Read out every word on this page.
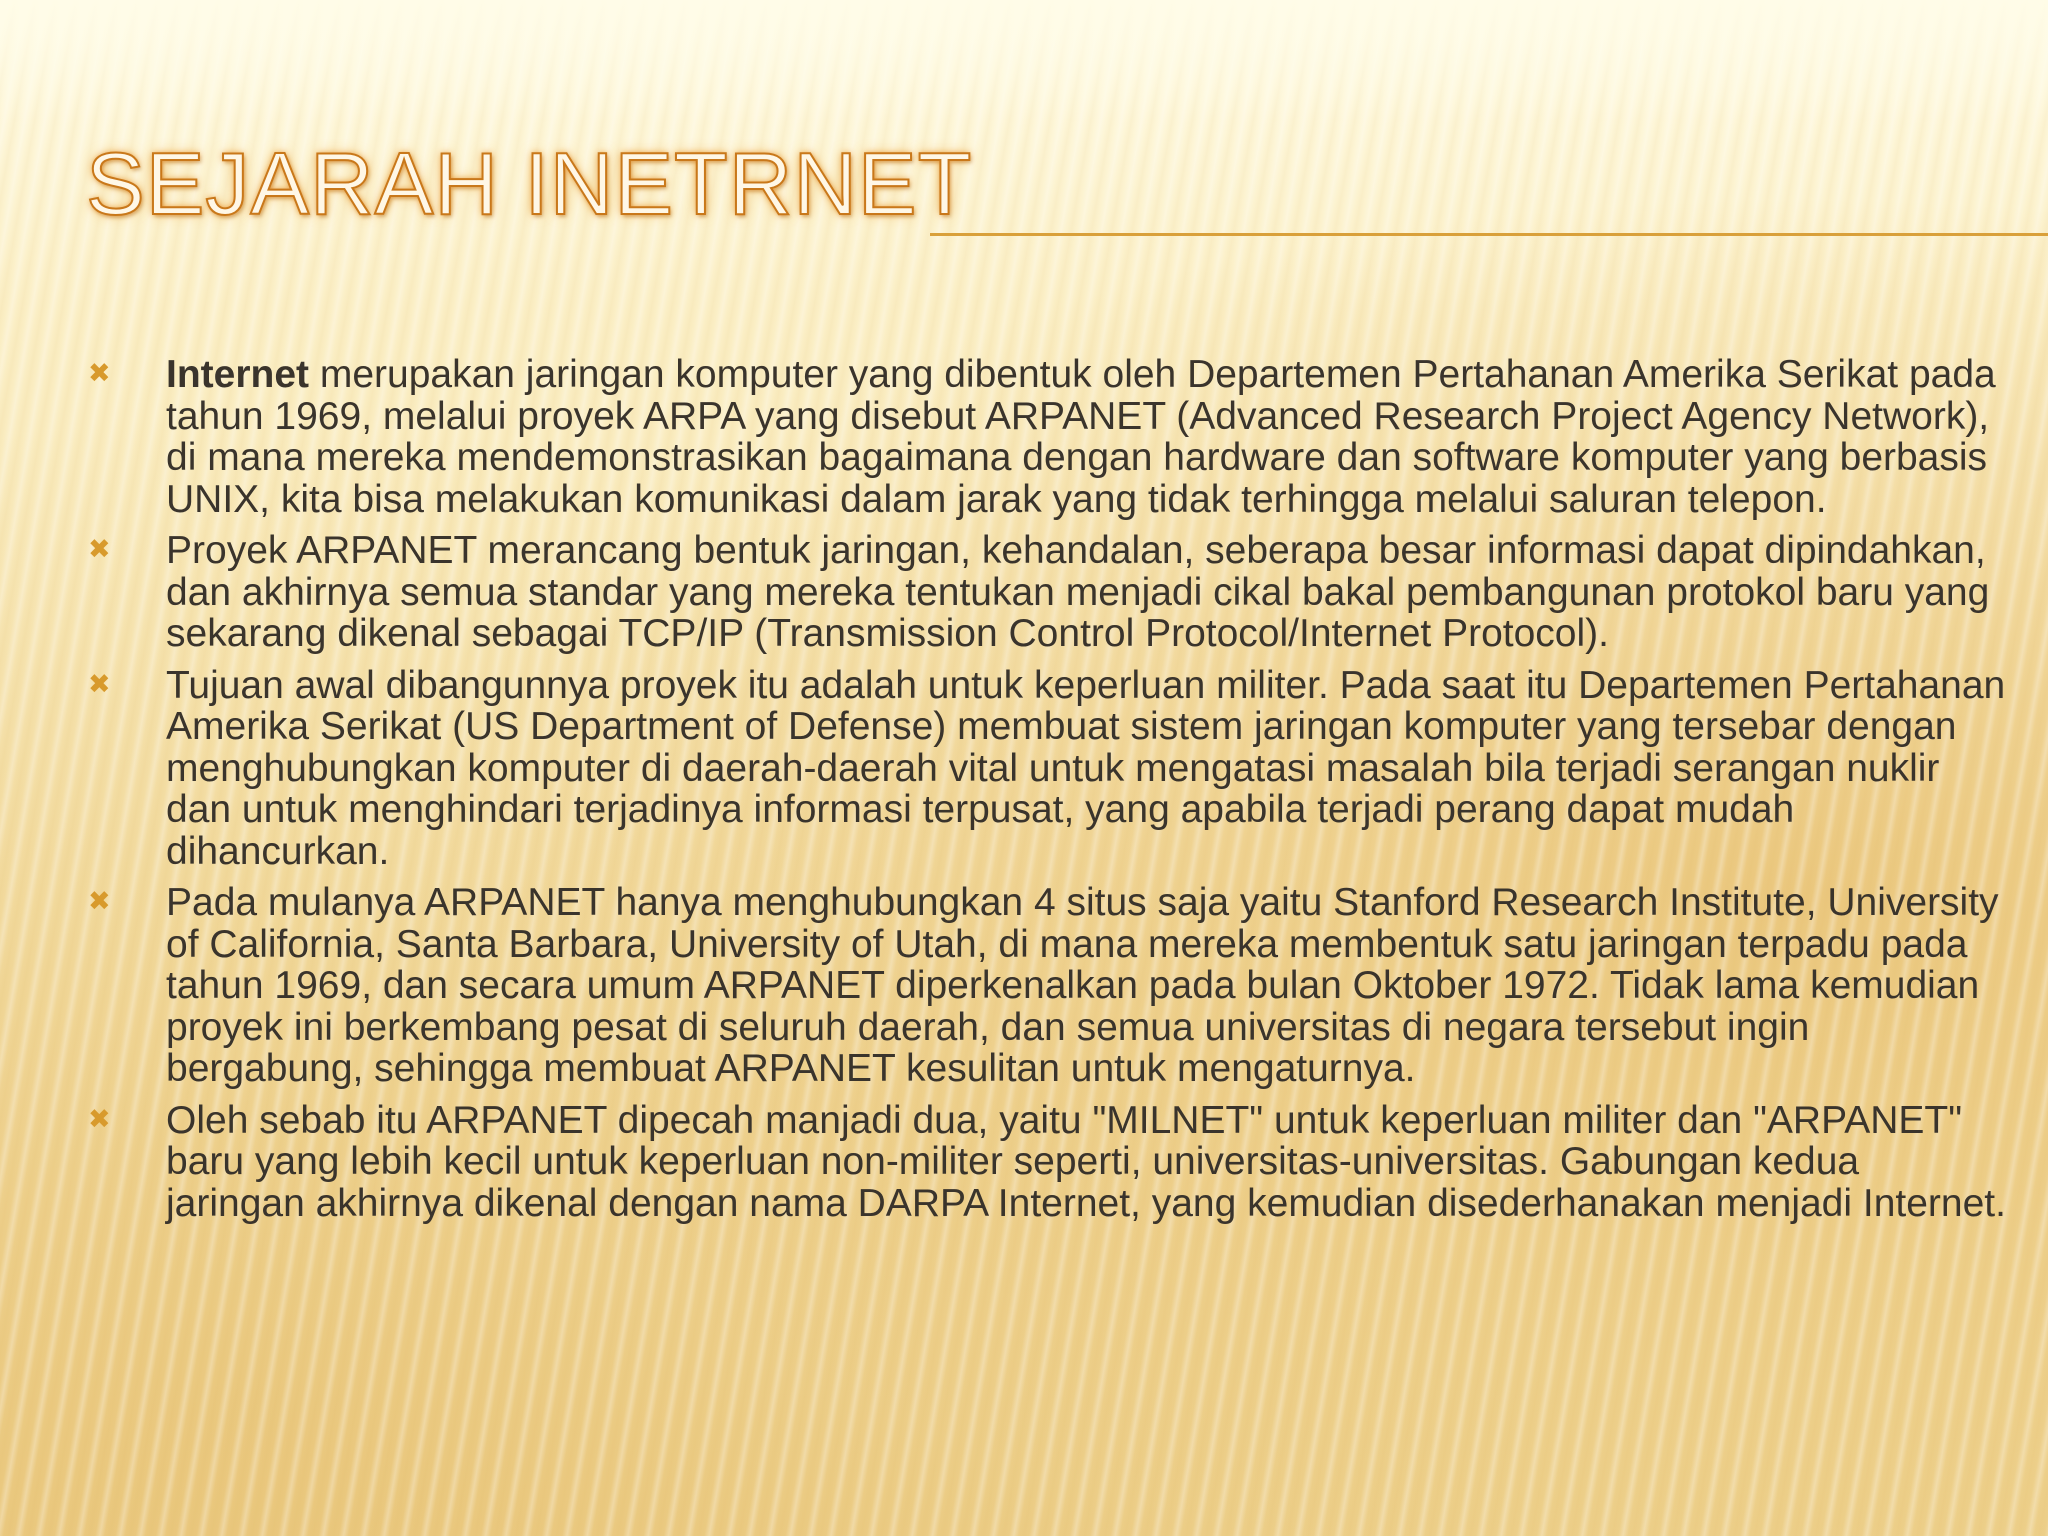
SEJARAH INETRNET
✖ Internet merupakan jaringan komputer yang dibentuk oleh Departemen Pertahanan Amerika Serikat pada tahun 1969, melalui proyek ARPA yang disebut ARPANET (Advanced Research Project Agency Network), di mana mereka mendemonstrasikan bagaimana dengan hardware dan software komputer yang berbasis UNIX, kita bisa melakukan komunikasi dalam jarak yang tidak terhingga melalui saluran telepon.
✖ Proyek ARPANET merancang bentuk jaringan, kehandalan, seberapa besar informasi dapat dipindahkan, dan akhirnya semua standar yang mereka tentukan menjadi cikal bakal pembangunan protokol baru yang sekarang dikenal sebagai TCP/IP (Transmission Control Protocol/Internet Protocol).
✖ Tujuan awal dibangunnya proyek itu adalah untuk keperluan militer. Pada saat itu Departemen Pertahanan Amerika Serikat (US Department of Defense) membuat sistem jaringan komputer yang tersebar dengan menghubungkan komputer di daerah-daerah vital untuk mengatasi masalah bila terjadi serangan nuklir dan untuk menghindari terjadinya informasi terpusat, yang apabila terjadi perang dapat mudah dihancurkan.
✖ Pada mulanya ARPANET hanya menghubungkan 4 situs saja yaitu Stanford Research Institute, University of California, Santa Barbara, University of Utah, di mana mereka membentuk satu jaringan terpadu pada tahun 1969, dan secara umum ARPANET diperkenalkan pada bulan Oktober 1972. Tidak lama kemudian proyek ini berkembang pesat di seluruh daerah, dan semua universitas di negara tersebut ingin bergabung, sehingga membuat ARPANET kesulitan untuk mengaturnya.
✖ Oleh sebab itu ARPANET dipecah manjadi dua, yaitu "MILNET" untuk keperluan militer dan "ARPANET" baru yang lebih kecil untuk keperluan non-militer seperti, universitas-universitas. Gabungan kedua jaringan akhirnya dikenal dengan nama DARPA Internet, yang kemudian disederhanakan menjadi Internet.
